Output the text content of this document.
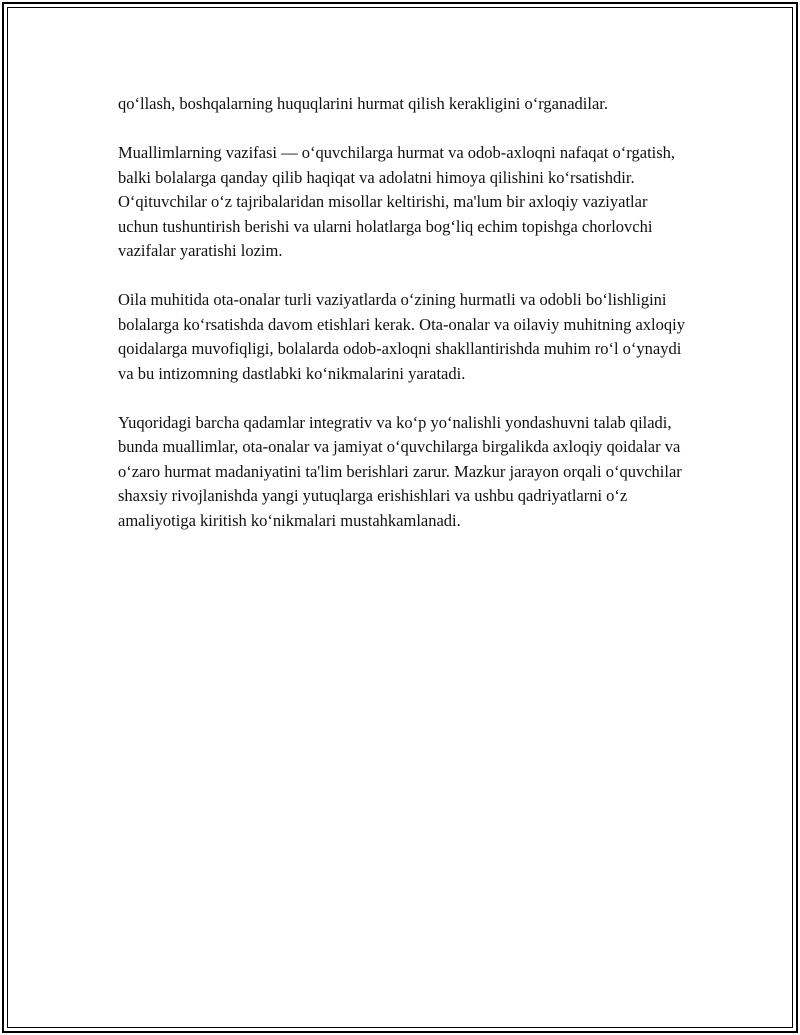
qo‘llash, boshqalarning huquqlarini hurmat qilish kerakligini o‘rganadilar.

Muallimlarning vazifasi — o‘quvchilarga hurmat va odob-axloqni nafaqat o‘rgatish, balki bolalarga qanday qilib haqiqat va adolatni himoya qilishini ko‘rsatishdir. O‘qituvchilar o‘z tajribalaridan misollar keltirishi, ma'lum bir axloqiy vaziyatlar uchun tushuntirish berishi va ularni holatlarga bog‘liq echim topishga chorlovchi vazifalar yaratishi lozim.

Oila muhitida ota-onalar turli vaziyatlarda o‘zining hurmatli va odobli bo‘lishligini bolalarga ko‘rsatishda davom etishlari kerak. Ota-onalar va oilaviy muhitning axloqiy qoidalarga muvofiqligi, bolalarda odob-axloqni shakllantirishda muhim ro‘l o‘ynaydi va bu intizomning dastlabki ko‘nikmalarini yaratadi.

Yuqoridagi barcha qadamlar integrativ va ko‘p yo‘nalishli yondashuvni talab qiladi, bunda muallimlar, ota-onalar va jamiyat o‘quvchilarga birgalikda axloqiy qoidalar va o‘zaro hurmat madaniyatini ta'lim berishlari zarur. Mazkur jarayon orqali o‘quvchilar shaxsiy rivojlanishda yangi yutuqlarga erishishlari va ushbu qadriyatlarni o‘z amaliyotiga kiritish ko‘nikmalari mustahkamlanadi.
